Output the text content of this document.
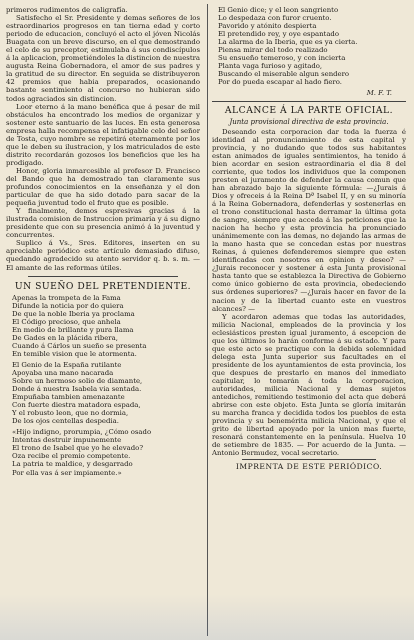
primeros rudimentos de caligrafía.

Satisfecho el Sr. Presidente y demas señores de los estraordinarios progresos en tan tierna edad y corto periodo de educacion, concluyó el acto el jóven Nicolás Buagata con un breve discurso, en el que demostrando el celo de su preceptor, estimulaba á sus condiscípulos á la aplicacion, prometiéndoles la distincion de nuestra augusta Reina Gobernadora, el amor de sus padres y la gratitud de su director. En seguida se distribuyeron 42 premios que habia preparados, ocasionando bastante sentimiento al concurso no hubieran sido todos agraciados sin distincion.

Loor eterno á la mano benéfica que á pesar de mil obstáculos ha encontrado los medios de organizar y sostener este santuario de las luces. En esta generosa empresa halla recompensa el infatigable celo del señor de Tosta, cuyo nombre se repetirá eternamente por los que le deben su ilustracion, y los matriculados de este distrito recordarán gozosos los beneficios que les ha prodigado.

Honor, gloria inmarcesible al profesor D. Francisco del Bando que ha demostrado tan claramente sus profundos conocimientos en la enseñanza y el don particular de que ha sido dotado para sacar de la pequeña juventud todo el fruto que es posible.

Y finalmente, demos espresivas gracias á la ilustrada comision de Instruccion primaria y á su digno presidente que con su presencia animó á la juventud y concurrentes.

Suplico á Vs., Sres. Editores, inserten en su apreciable periódico este artículo demasiado difuso, quedando agradecido su atento servidor q. b. s. m. — El amante de las reformas útiles.

UN SUEÑO DEL PRETENDIENTE.

Apenas la trompeta de la Fama

Difunde la noticia por do quiera

De que la noble Iberia ya proclama

El Código precioso, que anhela

En medio de brillante y pura llama

De Gades en la plácida ribera,

Cuando á Cárlos un sueño se presenta

En temible vision que le atormenta.

El Genio de la España rutilante

Apoyaba una mano nacarada

Sobre un hermoso solio de diamante,

Donde á nuestra Isabela via sentada.

Empuñaba tambien amenazante

Con fuerte diestra matadora espada,

Y el robusto leon, que no dormia,

De los ojos centellas despedia.

«Hijo indigno, prorumpia, ¿Cómo osado

Intentas destruir impunemente

El trono de Isabel que yo he elevado?

Oza recibe el premio competente.

La patria te maldice, y desgarrado

Por ella vas á ser impiamente.»

El Genio dice; y el leon sangriento

Lo despedaza con furor cruento.

Pavorido y atónito despierta

El pretendido rey, y oye espantado

La alarma de la Iberia, que es ya cierta.

Piensa mirar del todo realizado

Su ensueño temeroso, y con incierta

Planta vaga furioso y agitado,

Buscando el miserable algun sendero

Por do pueda escapar al hado fiero.

M. F. T.

ALCANCE Á LA PARTE OFICIAL.
Junta provisional directiva de esta provincia.

Deseando esta corporacion dar toda la fuerza é identidad al pronunciamiento de esta capital y provincia, y no dudando que todos sus habitantes estan animados de iguales sentimientos, ha tenido á bien acordar en sesion estraordinaria el dia 8 del corriente, que todos los individuos que la componen presten el juramento de defender la causa comun que han abrazado bajo la siguiente fórmula: —¿Jurais á Dios y ofreceis á la Reina Dª Isabel II, y en su minoría á la Reina Gobernadora, defenderlas y sostenerlas en el trono constitucional hasta derramar la última gota de sangre, siempre que acceda á las peticiones que la nacion ha hecho y esta provincia ha pronunciado unánimemente con las demas, no dejando las armas de la mano hasta que se concedan estas por nuestras Reinas, á quienes defenderemos siempre que esten identificadas con nosotros en opinion y deseo? —¿Jurais reconocer y sostener á esta Junta provisional hasta tanto que se establezca la Directiva de Gobierno como único gobierno de esta provincia, obedeciendo sus órdenes superiores? —¿Jurais hacer en favor de la nacion y de la libertad cuanto este en vuestros alcances? —

Y acordaron ademas que todas las autoridades, milicia Nacional, empleados de la provincia y los eclesiásticos presten igual juramento, á escepcion de que los últimos lo harán conforme á su estado. Y para que este acto se practique con la debida solemnidad delega esta Junta superior sus facultades en el presidente de los ayuntamientos de esta provincia, los que despues de prestarlo en manos del inmediato capitular, lo tomarán á toda la corporacion, autoridades, milicia Nacional y demas sujetos antedichos, remitiendo testimonio del acta que deberá abrirse con este objeto. Esta Junta se gloría imitarán su marcha franca y decidida todos los pueblos de esta provincia y su benemérita milicia Nacional, y que el grito de libertad apoyado por la union mas fuerte, resonará constantemente en la península. Huelva 10 de setiembre de 1835. — Por acuerdo de la Junta. — Antonio Bermudez, vocal secretario.

IMPRENTA DE ESTE PERIÓDICO.
